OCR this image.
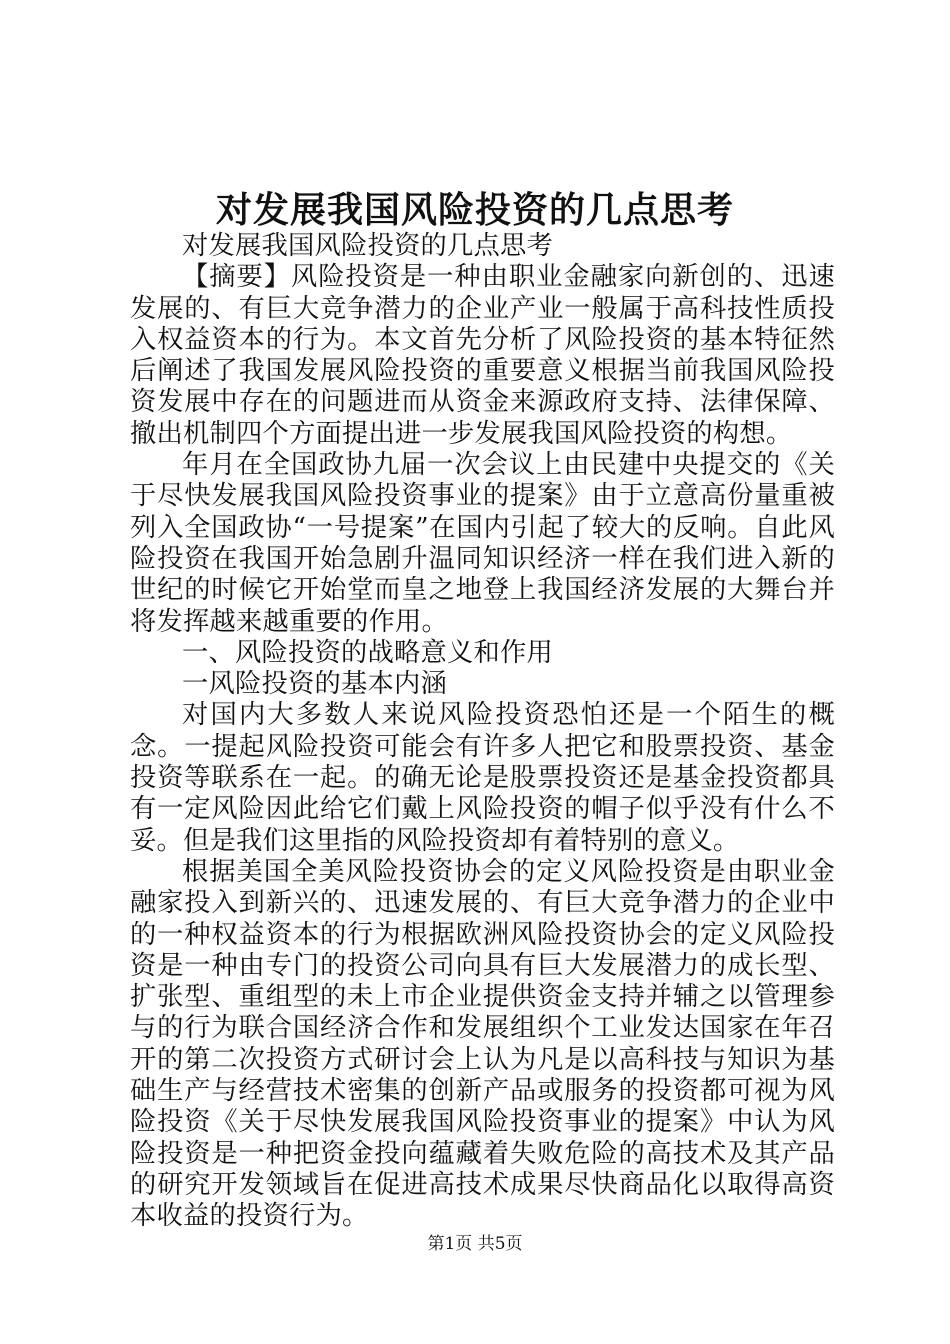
对发展我国风险投资的几点思考

对发展我国风险投资的几点思考

【摘要】风险投资是一种由职业金融家向新创的、迅速发展的、有巨大竞争潜力的企业产业一般属于高科技性质投入权益资本的行为。本文首先分析了风险投资的基本特征然后阐述了我国发展风险投资的重要意义根据当前我国风险投资发展中存在的问题进而从资金来源政府支持、法律保障、撤出机制四个方面提出进一步发展我国风险投资的构想。

年月在全国政协九届一次会议上由民建中央提交的《关于尽快发展我国风险投资事业的提案》由于立意高份量重被列入全国政协“一号提案”在国内引起了较大的反响。自此风险投资在我国开始急剧升温同知识经济一样在我们进入新的世纪的时候它开始堂而皇之地登上我国经济发展的大舞台并将发挥越来越重要的作用。

一、风险投资的战略意义和作用

一风险投资的基本内涵

对国内大多数人来说风险投资恐怕还是一个陌生的概念。一提起风险投资可能会有许多人把它和股票投资、基金投资等联系在一起。的确无论是股票投资还是基金投资都具有一定风险因此给它们戴上风险投资的帽子似乎没有什么不妥。但是我们这里指的风险投资却有着特别的意义。

根据美国全美风险投资协会的定义风险投资是由职业金融家投入到新兴的、迅速发展的、有巨大竞争潜力的企业中的一种权益资本的行为根据欧洲风险投资协会的定义风险投资是一种由专门的投资公司向具有巨大发展潜力的成长型、扩张型、重组型的未上市企业提供资金支持并辅之以管理参与的行为联合国经济合作和发展组织个工业发达国家在年召开的第二次投资方式研讨会上认为凡是以高科技与知识为基础生产与经营技术密集的创新产品或服务的投资都可视为风险投资《关于尽快发展我国风险投资事业的提案》中认为风险投资是一种把资金投向蕴藏着失败危险的高技术及其产品的研究开发领域旨在促进高技术成果尽快商品化以取得高资本收益的投资行为。

第1页 共5页
